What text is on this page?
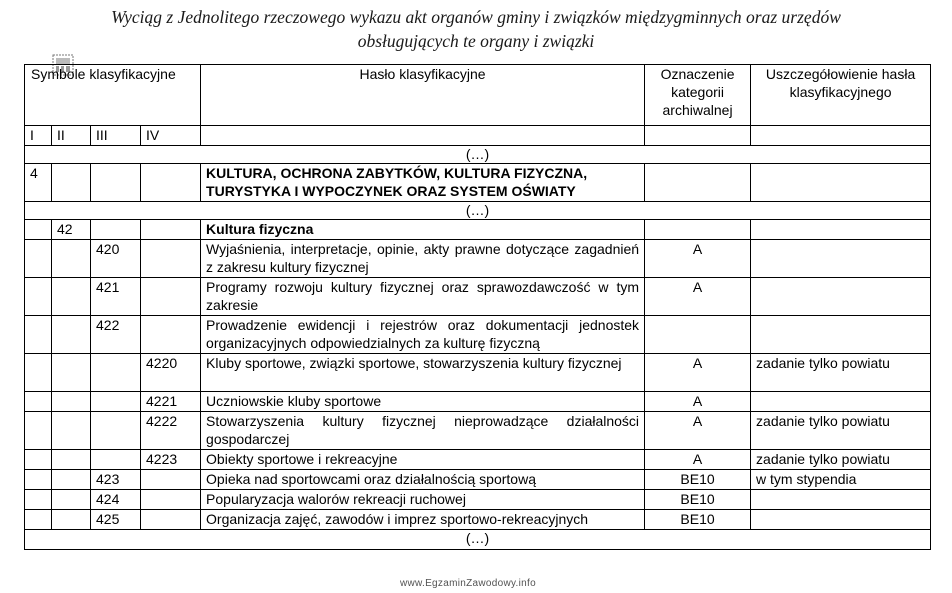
Wyciąg z Jednolitego rzeczowego wykazu akt organów gminy i związków międzygminnych oraz urzędów
obsługujących te organy i związki
Symbole klasyfikacyjne				Hasło klasyfikacyjne	Oznaczenie kategorii archiwalnej	Uszczegółowienie hasła klasyfikacyjnego
I	II	III	IV			
(…)						
4				KULTURA, OCHRONA ZABYTKÓW, KULTURA FIZYCZNA, TURYSTYKA I WYPOCZYNEK ORAZ SYSTEM OŚWIATY		
(…)						
	42			Kultura fizyczna		
		420		Wyjaśnienia, interpretacje, opinie, akty prawne dotyczące zagadnień z zakresu kultury fizycznej	A	
		421		Programy rozwoju kultury fizycznej oraz sprawozdawczość w tym zakresie	A	
		422		Prowadzenie ewidencji i rejestrów oraz dokumentacji jednostek organizacyjnych odpowiedzialnych za kulturę fizyczną		
			4220	Kluby sportowe, związki sportowe, stowarzyszenia kultury fizycznej	A	zadanie tylko powiatu
			4221	Uczniowskie kluby sportowe	A	
			4222	Stowarzyszenia kultury fizycznej nieprowadzące działalności gospodarczej	A	zadanie tylko powiatu
			4223	Obiekty sportowe i rekreacyjne	A	zadanie tylko powiatu
		423		Opieka nad sportowcami oraz działalnością sportową	BE10	w tym stypendia
		424		Popularyzacja walorów rekreacji ruchowej	BE10	
		425		Organizacja zajęć, zawodów i imprez sportowo-rekreacyjnych	BE10	
(…)						
www.EgzaminZawodowy.info
